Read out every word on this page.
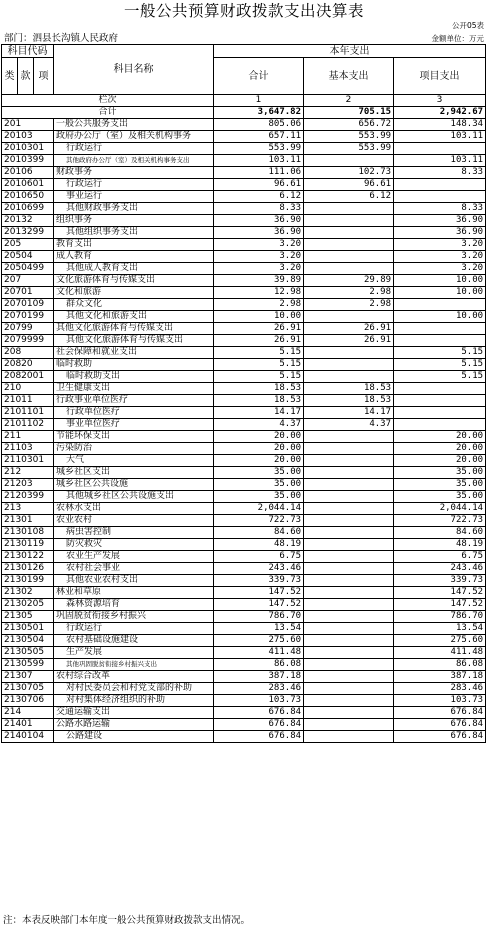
一般公共预算财政拨款支出决算表
公开05表
部门：泗县长沟镇人民政府	金额单位：万元
科目代码			科目名称	本年支出		
				合计	基本支出	项目支出
类	款	项				
栏次				1	2	3
合计				3,647.82	705.15	2,942.67
201			一般公共服务支出	805.06	656.72	148.34
20103			政府办公厅（室）及相关机构事务	657.11	553.99	103.11
2010301			行政运行	553.99	553.99	
2010399			其他政府办公厅（室）及相关机构事务支出	103.11		103.11
20106			财政事务	111.06	102.73	8.33
2010601			行政运行	96.61	96.61	
2010650			事业运行	6.12	6.12	
2010699			其他财政事务支出	8.33		8.33
20132			组织事务	36.90		36.90
2013299			其他组织事务支出	36.90		36.90
205			教育支出	3.20		3.20
20504			成人教育	3.20		3.20
2050499			其他成人教育支出	3.20		3.20
207			文化旅游体育与传媒支出	39.89	29.89	10.00
20701			文化和旅游	12.98	2.98	10.00
2070109			群众文化	2.98	2.98	
2070199			其他文化和旅游支出	10.00		10.00
20799			其他文化旅游体育与传媒支出	26.91	26.91	
2079999			其他文化旅游体育与传媒支出	26.91	26.91	
208			社会保障和就业支出	5.15		5.15
20820			临时救助	5.15		5.15
2082001			临时救助支出	5.15		5.15
210			卫生健康支出	18.53	18.53	
21011			行政事业单位医疗	18.53	18.53	
2101101			行政单位医疗	14.17	14.17	
2101102			事业单位医疗	4.37	4.37	
211			节能环保支出	20.00		20.00
21103			污染防治	20.00		20.00
2110301			大气	20.00		20.00
212			城乡社区支出	35.00		35.00
21203			城乡社区公共设施	35.00		35.00
2120399			其他城乡社区公共设施支出	35.00		35.00
213			农林水支出	2,044.14		2,044.14
21301			农业农村	722.73		722.73
2130108			病虫害控制	84.60		84.60
2130119			防灾救灾	48.19		48.19
2130122			农业生产发展	6.75		6.75
2130126			农村社会事业	243.46		243.46
2130199			其他农业农村支出	339.73		339.73
21302			林业和草原	147.52		147.52
2130205			森林资源培育	147.52		147.52
21305			巩固脱贫衔接乡村振兴	786.70		786.70
2130501			行政运行	13.54		13.54
2130504			农村基础设施建设	275.60		275.60
2130505			生产发展	411.48		411.48
2130599			其他巩固脱贫衔接乡村振兴支出	86.08		86.08
21307			农村综合改革	387.18		387.18
2130705			对村民委员会和村党支部的补助	283.46		283.46
2130706			对村集体经济组织的补助	103.73		103.73
214			交通运输支出	676.84		676.84
21401			公路水路运输	676.84		676.84
2140104			公路建设	676.84		676.84
注：本表反映部门本年度一般公共预算财政拨款支出情况。
